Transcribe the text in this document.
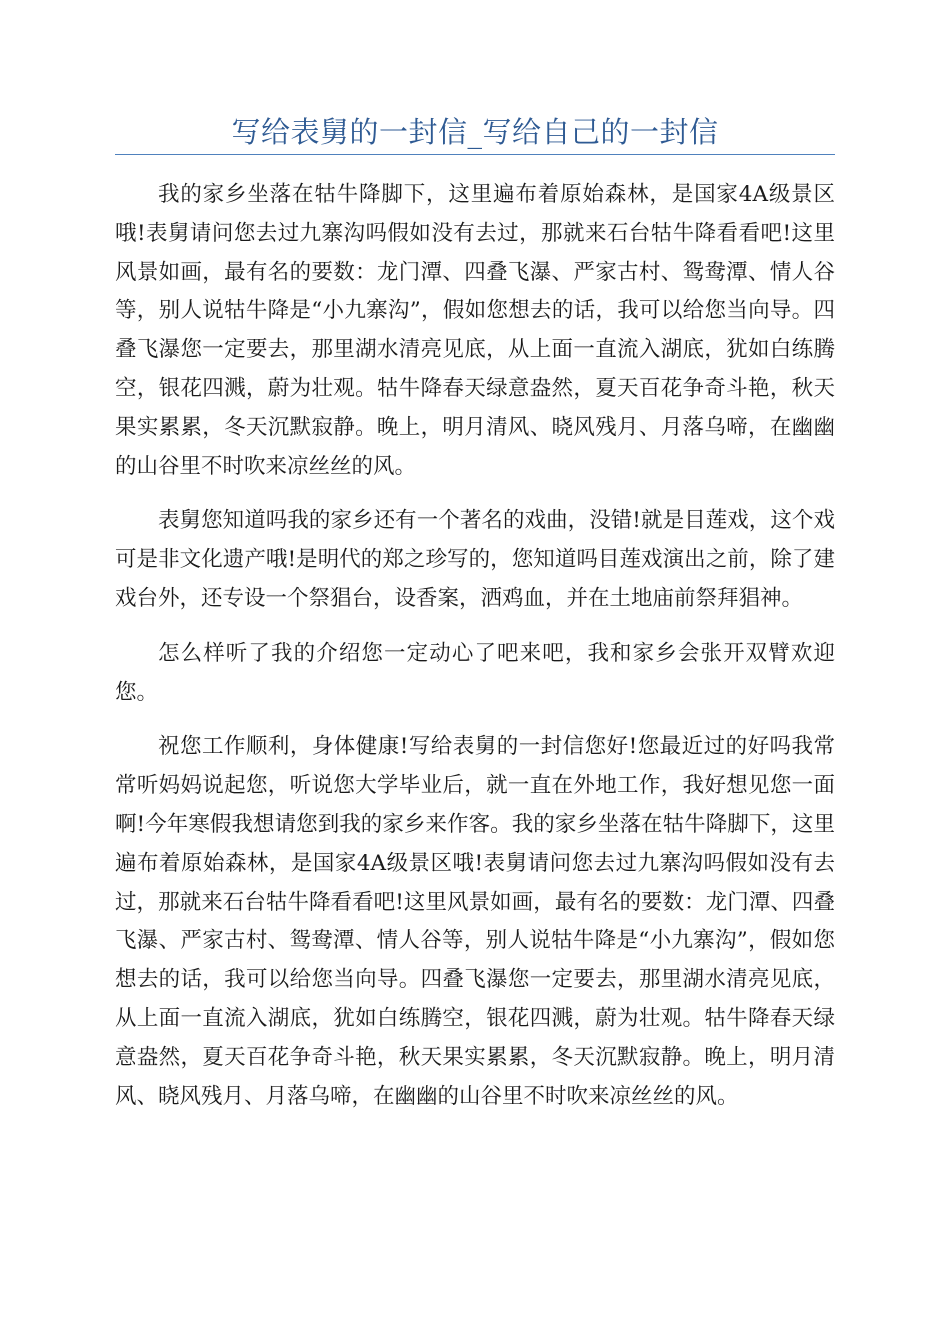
写给表舅的一封信_写给自己的一封信

我的家乡坐落在牯牛降脚下，这里遍布着原始森林，是国家4A级景区哦!表舅请问您去过九寨沟吗假如没有去过，那就来石台牯牛降看看吧!这里风景如画，最有名的要数：龙门潭、四叠飞瀑、严家古村、鸳鸯潭、情人谷等，别人说牯牛降是“小九寨沟”，假如您想去的话，我可以给您当向导。四叠飞瀑您一定要去，那里湖水清亮见底，从上面一直流入湖底，犹如白练腾空，银花四溅，蔚为壮观。牯牛降春天绿意盎然，夏天百花争奇斗艳，秋天果实累累，冬天沉默寂静。晚上，明月清风、晓风残月、月落乌啼，在幽幽的山谷里不时吹来凉丝丝的风。

表舅您知道吗我的家乡还有一个著名的戏曲，没错!就是目莲戏，这个戏可是非文化遗产哦!是明代的郑之珍写的，您知道吗目莲戏演出之前，除了建戏台外，还专设一个祭猖台，设香案，洒鸡血，并在土地庙前祭拜猖神。

怎么样听了我的介绍您一定动心了吧来吧，我和家乡会张开双臂欢迎您。

祝您工作顺利，身体健康!写给表舅的一封信您好!您最近过的好吗我常常听妈妈说起您，听说您大学毕业后，就一直在外地工作，我好想见您一面啊!今年寒假我想请您到我的家乡来作客。我的家乡坐落在牯牛降脚下，这里遍布着原始森林，是国家4A级景区哦!表舅请问您去过九寨沟吗假如没有去过，那就来石台牯牛降看看吧!这里风景如画，最有名的要数：龙门潭、四叠飞瀑、严家古村、鸳鸯潭、情人谷等，别人说牯牛降是“小九寨沟”，假如您想去的话，我可以给您当向导。四叠飞瀑您一定要去，那里湖水清亮见底，从上面一直流入湖底，犹如白练腾空，银花四溅，蔚为壮观。牯牛降春天绿意盎然，夏天百花争奇斗艳，秋天果实累累，冬天沉默寂静。晚上，明月清风、晓风残月、月落乌啼，在幽幽的山谷里不时吹来凉丝丝的风。
